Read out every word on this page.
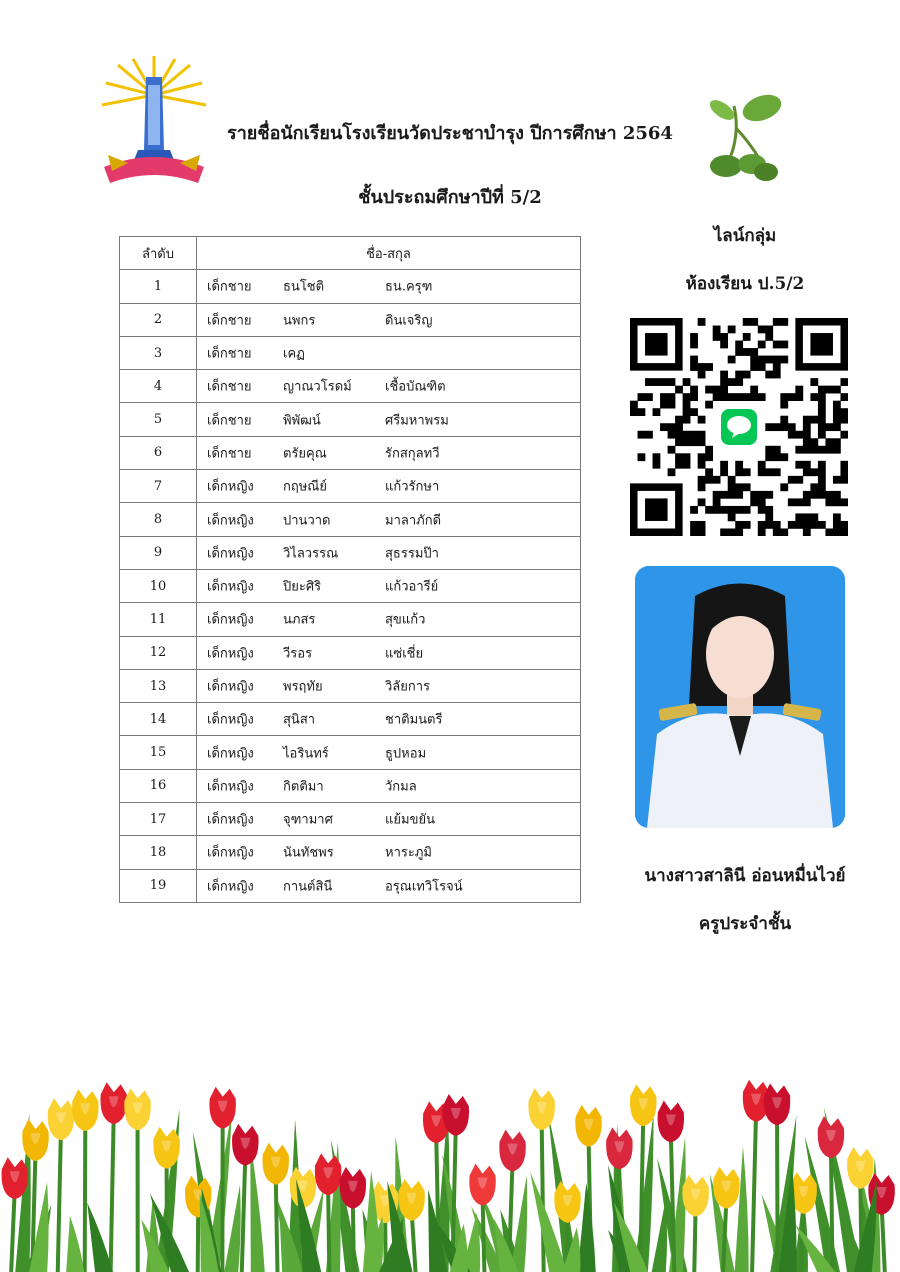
รายชื่อนักเรียนโรงเรียนวัดประชาบำรุง ปีการศึกษา 2564
ชั้นประถมศึกษาปีที่ 5/2
ไลน์กลุ่ม
ห้องเรียน ป.5/2
นางสาวสาลินี อ่อนหมื่นไวย์
ครูประจำชั้น
ลำดับ	ชื่อ-สกุล
1	เด็กชาย ธนโชติ ธน.ครุฑ

2	เด็กชาย นพกร ดินเจริญ

3	เด็กชาย เคฏ

4	เด็กชาย ญาณวโรดม์ เชื้อบัณฑิต

5	เด็กชาย พิพัฒน์ ศรีมหาพรม

6	เด็กชาย ตรัยคุณ รักสกุลทวี

7	เด็กหญิง กฤษณีย์ แก้วรักษา

8	เด็กหญิง ปานวาด มาลาภักดี

9	เด็กหญิง วิไลวรรณ สุธรรมป๊า

10	เด็กหญิง ปิยะศิริ แก้วอารีย์

11	เด็กหญิง นภสร สุขแก้ว

12	เด็กหญิง วีรอร แซ่เชี่ย

13	เด็กหญิง พรฤทัย วิลัยการ

14	เด็กหญิง สุนิสา ชาติมนตรี

15	เด็กหญิง ไอรินทร์ ธูปหอม

16	เด็กหญิง กิตติมา วักมล

17	เด็กหญิง จุฑามาศ แย้มขยัน

18	เด็กหญิง นันทัชพร หาระภูมิ

19	เด็กหญิง กานต์สินี อรุณเทวิโรจน์
